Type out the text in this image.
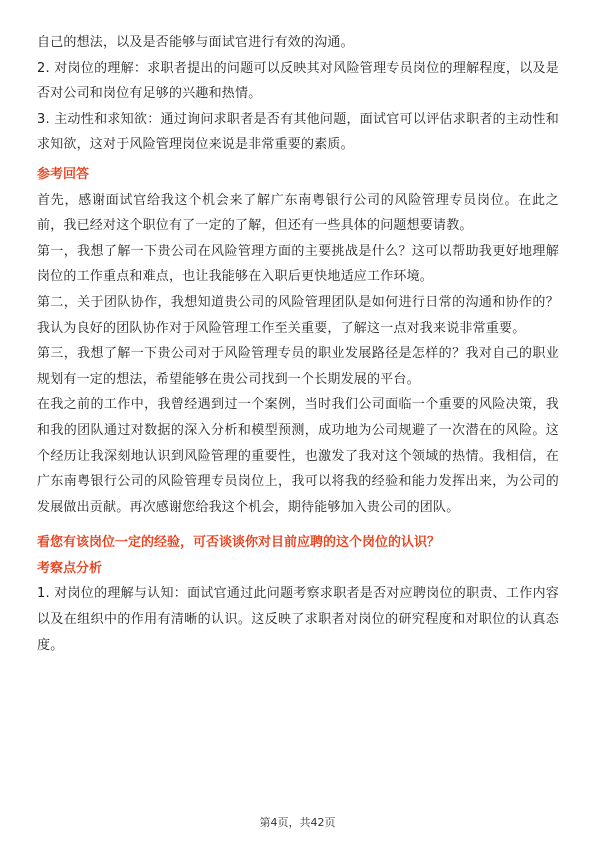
自己的想法，以及是否能够与面试官进行有效的沟通。

2. 对岗位的理解：求职者提出的问题可以反映其对风险管理专员岗位的理解程度，以及是否对公司和岗位有足够的兴趣和热情。

3. 主动性和求知欲：通过询问求职者是否有其他问题，面试官可以评估求职者的主动性和求知欲，这对于风险管理岗位来说是非常重要的素质。

参考回答

首先，感谢面试官给我这个机会来了解广东南粤银行公司的风险管理专员岗位。在此之前，我已经对这个职位有了一定的了解，但还有一些具体的问题想要请教。

第一，我想了解一下贵公司在风险管理方面的主要挑战是什么？这可以帮助我更好地理解岗位的工作重点和难点，也让我能够在入职后更快地适应工作环境。

第二，关于团队协作，我想知道贵公司的风险管理团队是如何进行日常的沟通和协作的？我认为良好的团队协作对于风险管理工作至关重要，了解这一点对我来说非常重要。

第三，我想了解一下贵公司对于风险管理专员的职业发展路径是怎样的？我对自己的职业规划有一定的想法，希望能够在贵公司找到一个长期发展的平台。

在我之前的工作中，我曾经遇到过一个案例，当时我们公司面临一个重要的风险决策，我和我的团队通过对数据的深入分析和模型预测，成功地为公司规避了一次潜在的风险。这个经历让我深刻地认识到风险管理的重要性，也激发了我对这个领域的热情。我相信，在广东南粤银行公司的风险管理专员岗位上，我可以将我的经验和能力发挥出来，为公司的发展做出贡献。再次感谢您给我这个机会，期待能够加入贵公司的团队。

看您有该岗位一定的经验，可否谈谈你对目前应聘的这个岗位的认识？

考察点分析

1. 对岗位的理解与认知：面试官通过此问题考察求职者是否对应聘岗位的职责、工作内容以及在组织中的作用有清晰的认识。这反映了求职者对岗位的研究程度和对职位的认真态度。

第4页，共42页
